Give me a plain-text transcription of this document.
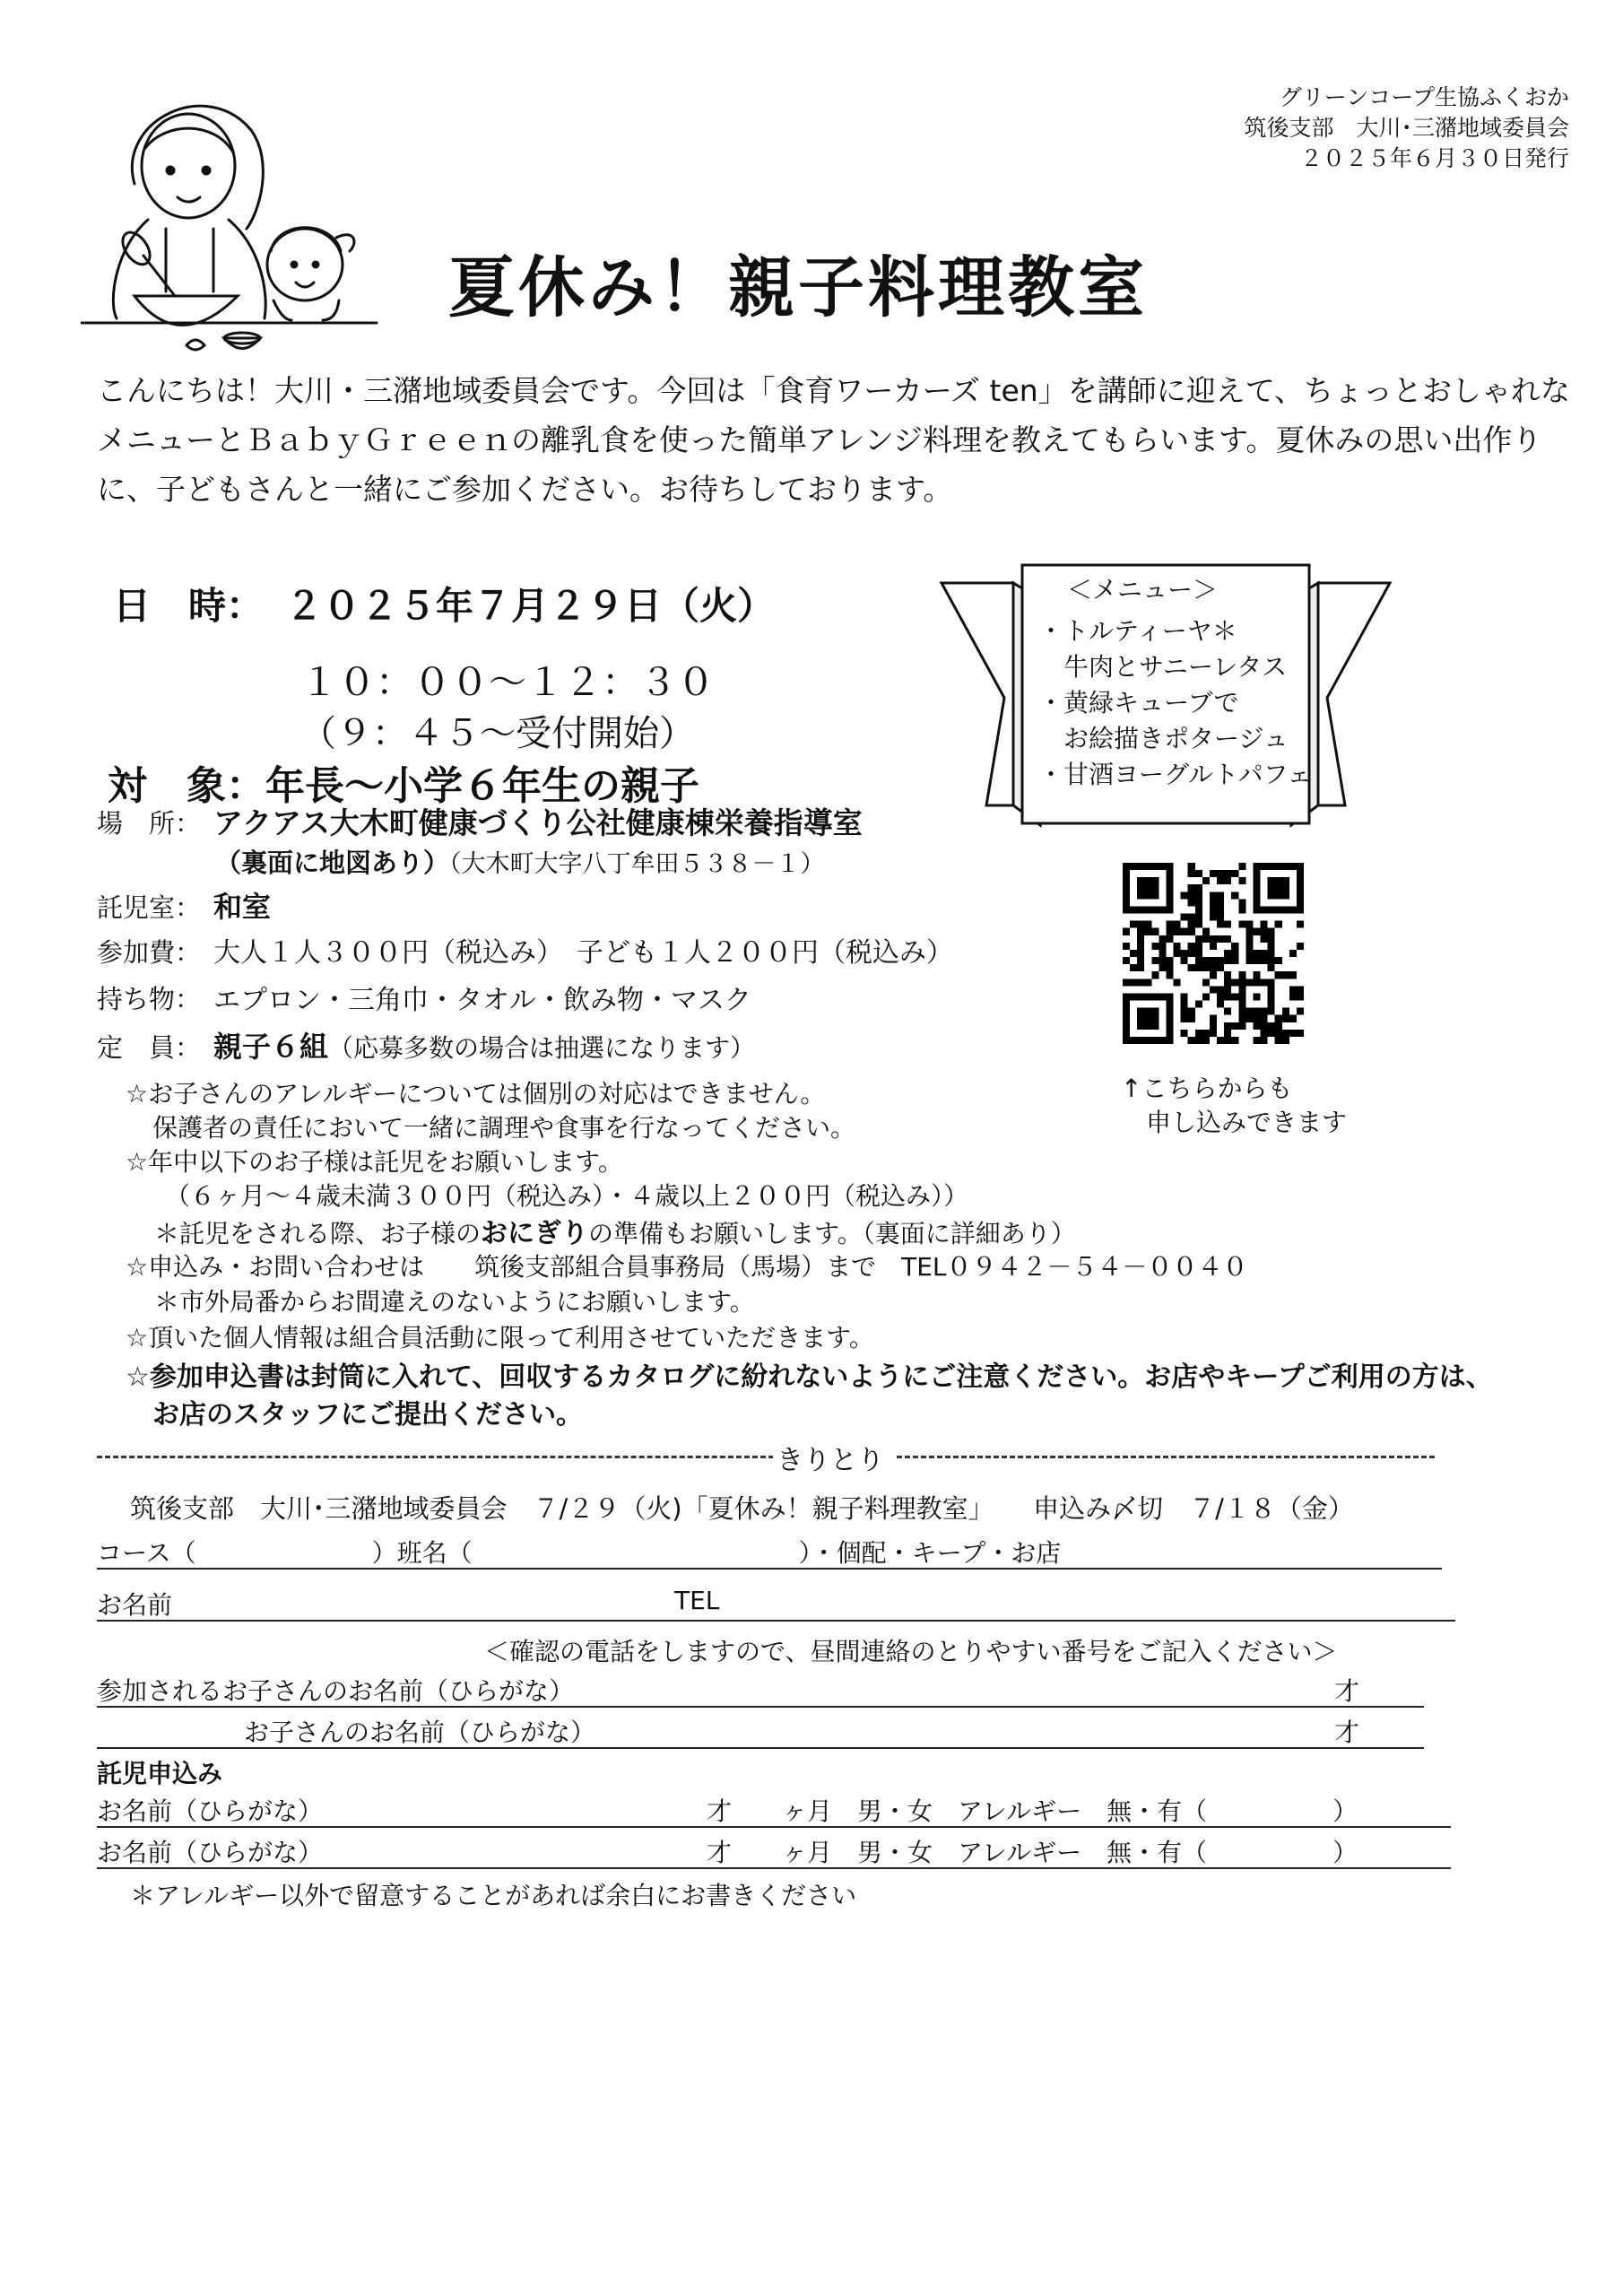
グリーンコープ生協ふくおか
筑後支部　大川･三潴地域委員会
２０２５年６月３０日発行
夏休み！親子料理教室
こんにちは！大川・三潴地域委員会です。今回は「食育ワーカーズ ten」を講師に迎えて、ちょっとおしゃれなメニューとＢａｂｙＧｒｅｅｎの離乳食を使った簡単アレンジ料理を教えてもらいます。夏休みの思い出作りに、子どもさんと一緒にご参加ください。お待ちしております。
日　時： ２０２５年７月２９日（火）
１０：００～１２：３０
（９：４５～受付開始）
対　象：年長～小学６年生の親子
場　所： アクアス大木町健康づくり公社健康棟栄養指導室
（裏面に地図あり）（大木町大字八丁牟田５３８－１）
託児室： 和室
参加費： 大人１人３００円（税込み）　子ども１人２００円（税込み）
持ち物： エプロン・三角巾・タオル・飲み物・マスク
定　員： 親子６組（応募多数の場合は抽選になります）
＜メニュー＞
・トルティーヤ＊
　牛肉とサニーレタス
・黄緑キューブで
　お絵描きポタージュ
・甘酒ヨーグルトパフェ
↑こちらからも
　申し込みできます
☆お子さんのアレルギーについては個別の対応はできません。
保護者の責任において一緒に調理や食事を行なってください。
☆年中以下のお子様は託児をお願いします。
（６ヶ月～４歳未満３００円（税込み）・４歳以上２００円（税込み））
＊託児をされる際、お子様のおにぎりの準備もお願いします。（裏面に詳細あり）
☆申込み・お問い合わせは　　筑後支部組合員事務局（馬場）まで　TEL０９４２－５４－００４０
＊市外局番からお間違えのないようにお願いします。
☆頂いた個人情報は組合員活動に限って利用させていただきます。
☆参加申込書は封筒に入れて、回収するカタログに紛れないようにご注意ください。お店やキープご利用の方は、
お店のスタッフにご提出ください。
きりとり
筑後支部　大川･三潴地域委員会　７/２９（火)「夏休み！親子料理教室」　　申込み〆切　７/１８（金）
コース（　　　　　　　）班名（　　　　　　　　　　　　　）・個配・キープ・お店
お名前	TEL
＜確認の電話をしますので、昼間連絡のとりやすい番号をご記入ください＞
参加されるお子さんのお名前（ひらがな）	才
お子さんのお名前（ひらがな）	才
託児申込み
お名前（ひらがな）	才　　ヶ月　男・女　アレルギー　無・有（　　　　　）
お名前（ひらがな）	才　　ヶ月　男・女　アレルギー　無・有（　　　　　）
＊アレルギー以外で留意することがあれば余白にお書きください
